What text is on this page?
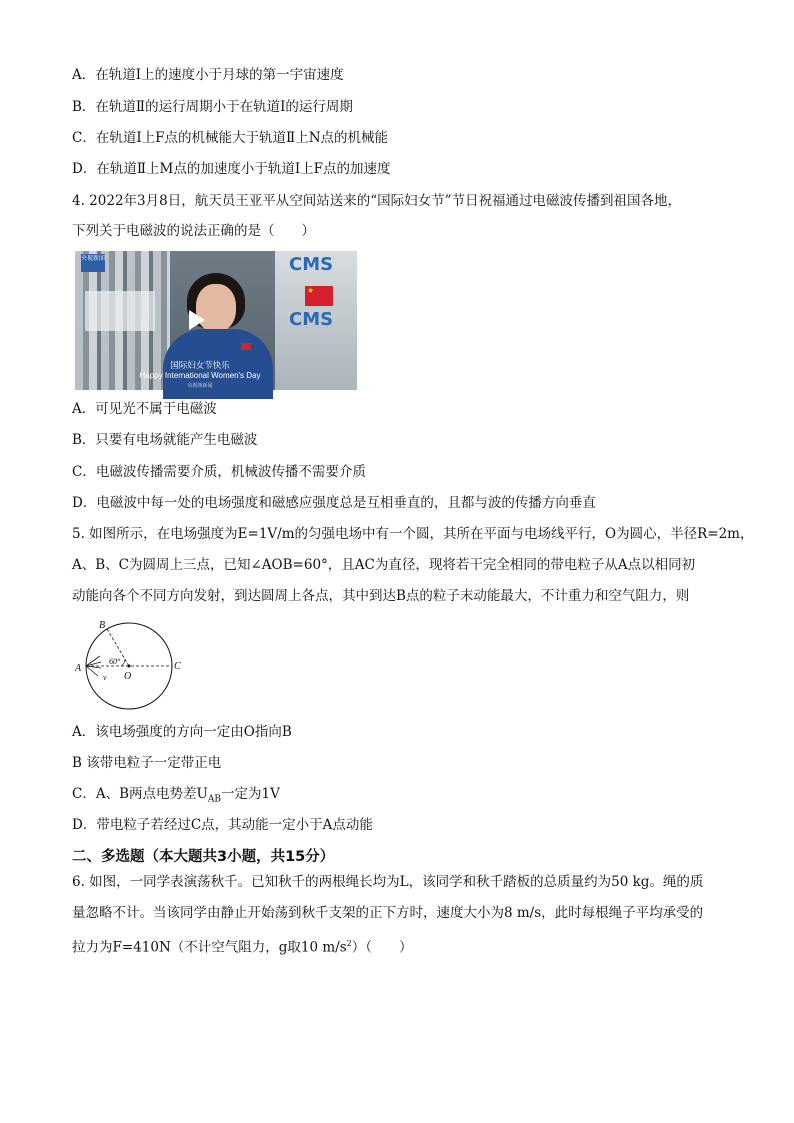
A．在轨道Ⅰ上的速度小于月球的第一宇宙速度
B．在轨道Ⅱ的运行周期小于在轨道Ⅰ的运行周期
C．在轨道Ⅰ上F点的机械能大于轨道Ⅱ上N点的机械能
D．在轨道Ⅱ上M点的加速度小于轨道Ⅰ上F点的加速度
4. 2022年3月8日，航天员王亚平从空间站送来的“国际妇女节”节日祝福通过电磁波传播到祖国各地，
下列关于电磁波的说法正确的是（　　）
CMS
★
CMS
央视新闻
国际妇女节快乐
Happy International Women's Day
央视频新闻
A．可见光不属于电磁波
B．只要有电场就能产生电磁波
C．电磁波传播需要介质，机械波传播不需要介质
D．电磁波中每一处的电场强度和磁感应强度总是互相垂直的，且都与波的传播方向垂直
5. 如图所示，在电场强度为E=1V/m的匀强电场中有一个圆，其所在平面与电场线平行，O为圆心，半径R=2m，
A、B、C为圆周上三点，已知∠AOB=60°，且AC为直径，现将若干完全相同的带电粒子从A点以相同初
动能向各个不同方向发射，到达圆周上各点，其中到达B点的粒子末动能最大，不计重力和空气阻力，则
A
B
C
O
v
60°
A．该电场强度的方向一定由O指向B
B 该带电粒子一定带正电
C．A、B两点电势差$U_{AB}$一定为1V
D．带电粒子若经过C点，其动能一定小于A点动能
二、多选题（本大题共3小题，共15分）
6. 如图，一同学表演荡秋千。已知秋千的两根绳长均为L，该同学和秋千踏板的总质量约为50 kg。绳的质
量忽略不计。当该同学由静止开始荡到秋千支架的正下方时，速度大小为8 m/s，此时每根绳子平均承受的
拉力为F=410N（不计空气阻力，g取10 $m/s^2$）（　　）
